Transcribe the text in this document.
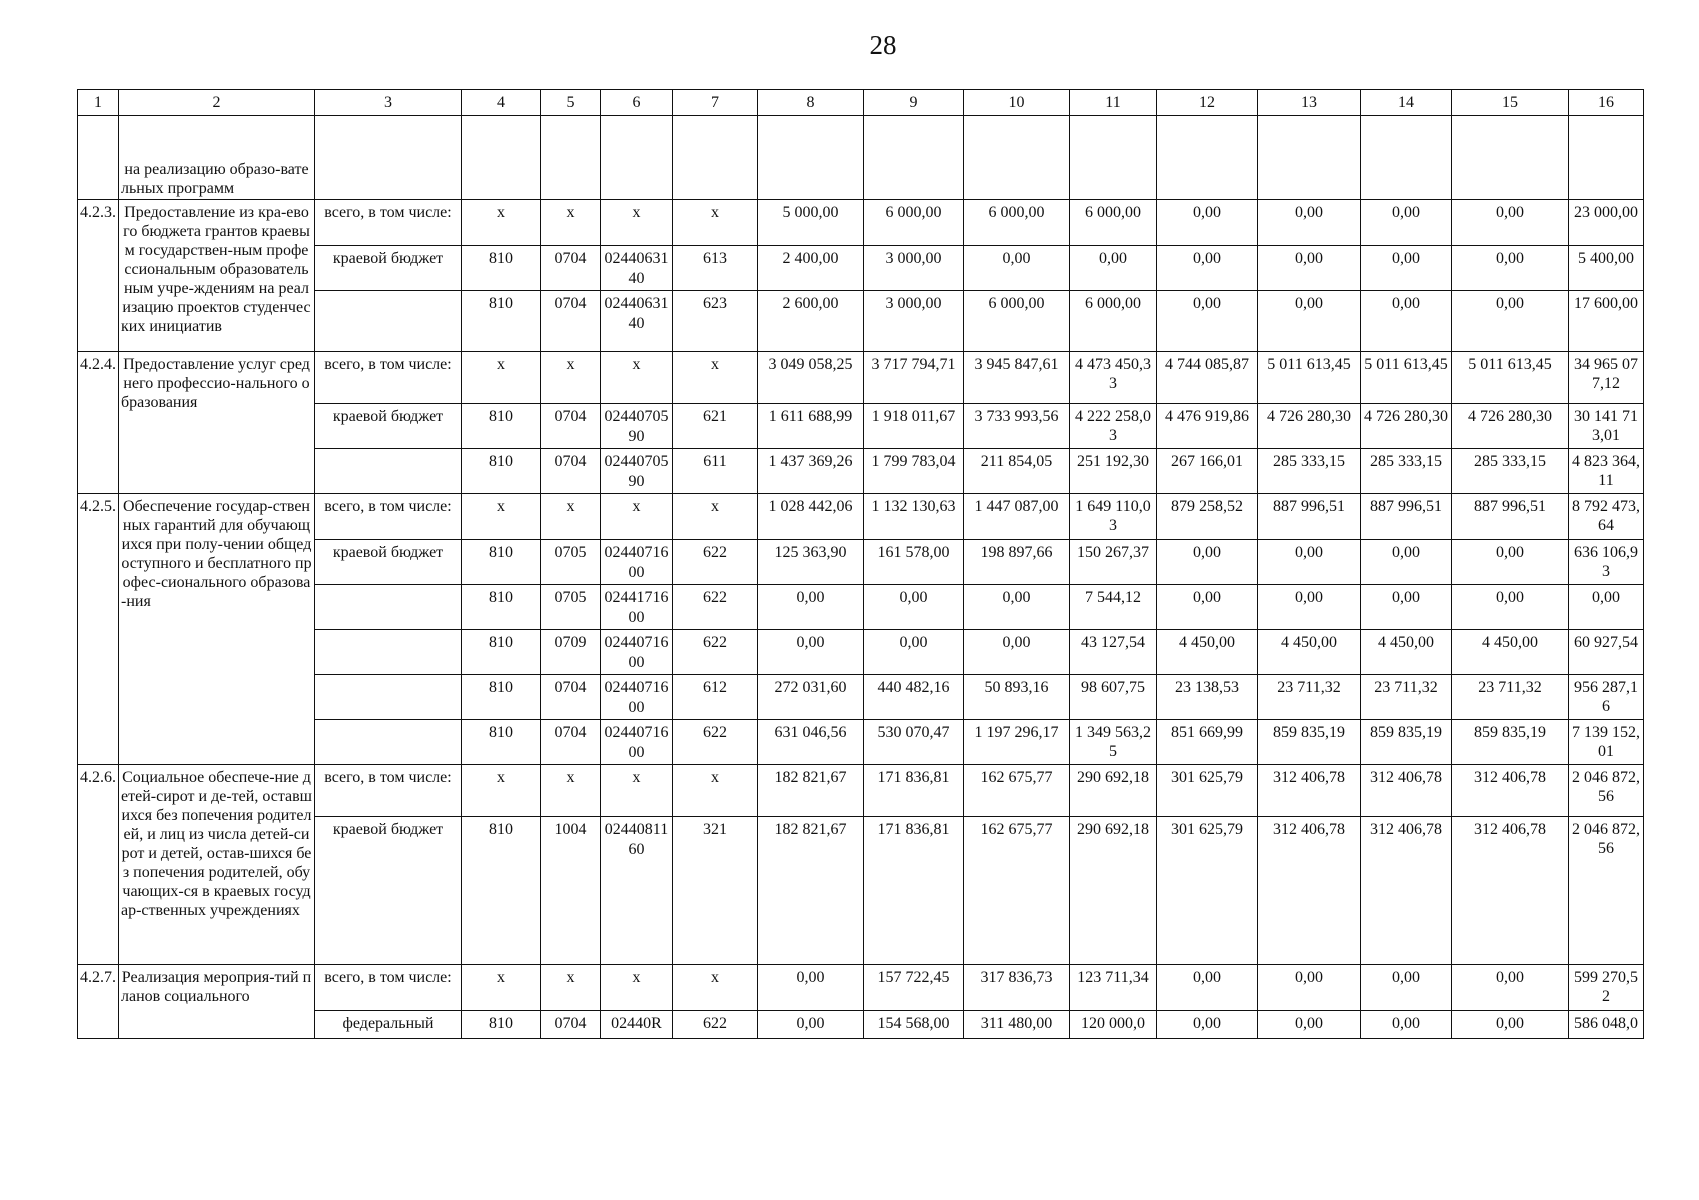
28
1	2	3	4	5	6	7	8	9	10	11	12	13	14	15	16
	на реализацию образо-вательных программ														
4.2.3.	Предоставление из кра-евого бюджета грантов краевым государствен-ным профессиональным образовательным учре-ждениям на реализацию проектов студенческих инициатив	всего, в том числе:	x	x	x	x	5 000,00	6 000,00	6 000,00	6 000,00	0,00	0,00	0,00	0,00	23 000,00
		краевой бюджет	810	0704	0244063140	613	2 400,00	3 000,00	0,00	0,00	0,00	0,00	0,00	0,00	5 400,00
			810	0704	0244063140	623	2 600,00	3 000,00	6 000,00	6 000,00	0,00	0,00	0,00	0,00	17 600,00
4.2.4.	Предоставление услуг среднего профессио-нального образования	всего, в том числе:	x	x	x	x	3 049 058,25	3 717 794,71	3 945 847,61	4 473 450,33	4 744 085,87	5 011 613,45	5 011 613,45	5 011 613,45	34 965 077,12
		краевой бюджет	810	0704	0244070590	621	1 611 688,99	1 918 011,67	3 733 993,56	4 222 258,03	4 476 919,86	4 726 280,30	4 726 280,30	4 726 280,30	30 141 713,01
			810	0704	0244070590	611	1 437 369,26	1 799 783,04	211 854,05	251 192,30	267 166,01	285 333,15	285 333,15	285 333,15	4 823 364,11
4.2.5.	Обеспечение государ-ственных гарантий для обучающихся при полу-чении общедоступного и бесплатного профес-сионального образова-ния	всего, в том числе:	x	x	x	x	1 028 442,06	1 132 130,63	1 447 087,00	1 649 110,03	879 258,52	887 996,51	887 996,51	887 996,51	8 792 473,64
		краевой бюджет	810	0705	0244071600	622	125 363,90	161 578,00	198 897,66	150 267,37	0,00	0,00	0,00	0,00	636 106,93
			810	0705	0244171600	622	0,00	0,00	0,00	7 544,12	0,00	0,00	0,00	0,00	0,00
			810	0709	0244071600	622	0,00	0,00	0,00	43 127,54	4 450,00	4 450,00	4 450,00	4 450,00	60 927,54
			810	0704	0244071600	612	272 031,60	440 482,16	50 893,16	98 607,75	23 138,53	23 711,32	23 711,32	23 711,32	956 287,16
			810	0704	0244071600	622	631 046,56	530 070,47	1 197 296,17	1 349 563,25	851 669,99	859 835,19	859 835,19	859 835,19	7 139 152,01
4.2.6.	Социальное обеспече-ние детей-сирот и де-тей, оставшихся без попечения родителей, и лиц из числа детей-сирот и детей, остав-шихся без попечения родителей, обучающих-ся в краевых государ-ственных учреждениях	всего, в том числе:	x	x	x	x	182 821,67	171 836,81	162 675,77	290 692,18	301 625,79	312 406,78	312 406,78	312 406,78	2 046 872,56
		краевой бюджет	810	1004	0244081160	321	182 821,67	171 836,81	162 675,77	290 692,18	301 625,79	312 406,78	312 406,78	312 406,78	2 046 872,56
4.2.7.	Реализация мероприя-тий планов социального	всего, в том числе:	x	x	x	x	0,00	157 722,45	317 836,73	123 711,34	0,00	0,00	0,00	0,00	599 270,52
		федеральный	810	0704	02440R	622	0,00	154 568,00	311 480,00	120 000,0	0,00	0,00	0,00	0,00	586 048,0
